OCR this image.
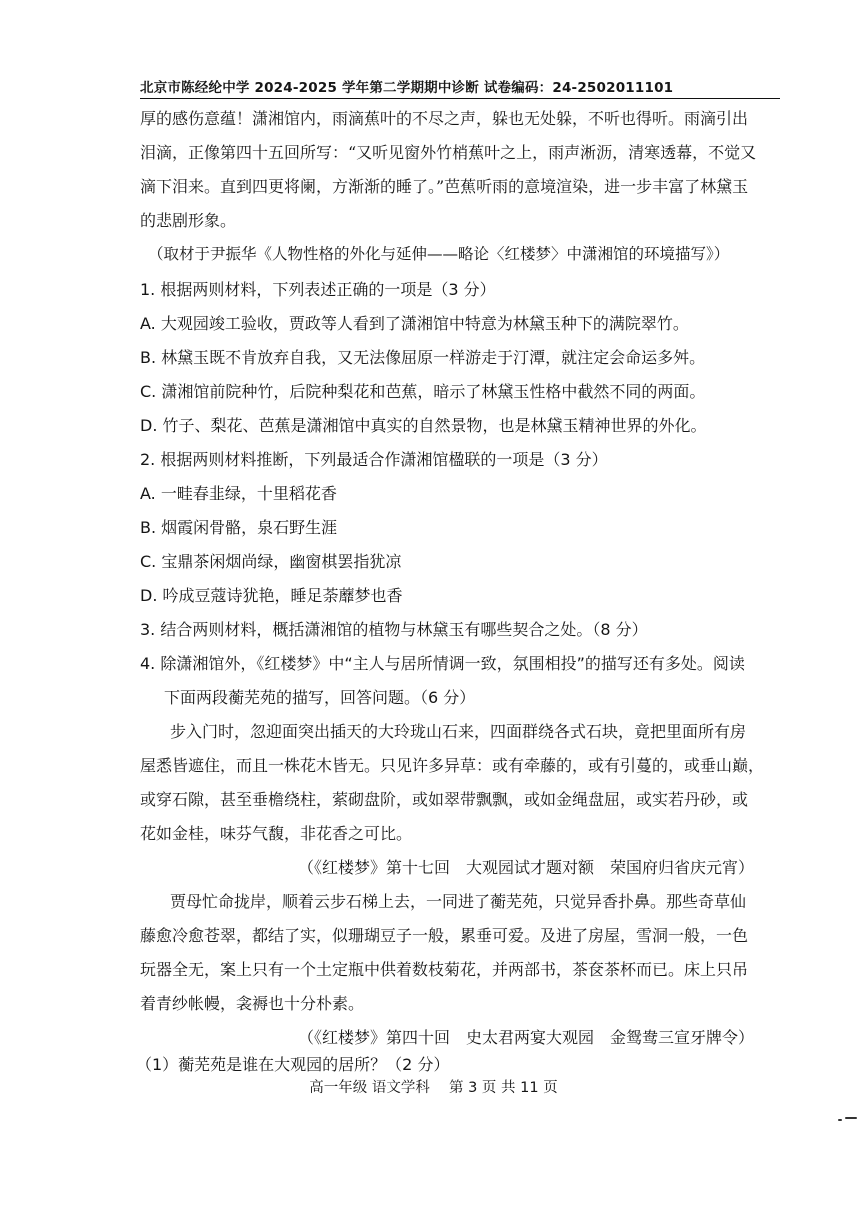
北京市陈经纶中学 2024-2025 学年第二学期期中诊断 试卷编码：24-2502011101
厚的感伤意蕴！潇湘馆内，雨滴蕉叶的不尽之声，躲也无处躲，不听也得听。雨滴引出
泪滴，正像第四十五回所写：“又听见窗外竹梢蕉叶之上，雨声淅沥，清寒透幕，不觉又
滴下泪来。直到四更将阑，方渐渐的睡了。”芭蕉听雨的意境渲染，进一步丰富了林黛玉
的悲剧形象。
（取材于尹振华《人物性格的外化与延伸——略论〈红楼梦〉中潇湘馆的环境描写》）
1. 根据两则材料，下列表述正确的一项是（3 分）
A. 大观园竣工验收，贾政等人看到了潇湘馆中特意为林黛玉种下的满院翠竹。
B. 林黛玉既不肯放弃自我，又无法像屈原一样游走于汀潭，就注定会命运多舛。
C. 潇湘馆前院种竹，后院种梨花和芭蕉，暗示了林黛玉性格中截然不同的两面。
D. 竹子、梨花、芭蕉是潇湘馆中真实的自然景物，也是林黛玉精神世界的外化。
2. 根据两则材料推断，下列最适合作潇湘馆楹联的一项是（3 分）
A. 一畦春韭绿，十里稻花香
B. 烟霞闲骨骼，泉石野生涯
C. 宝鼎茶闲烟尚绿，幽窗棋罢指犹凉
D. 吟成豆蔻诗犹艳，睡足荼蘼梦也香
3. 结合两则材料，概括潇湘馆的植物与林黛玉有哪些契合之处。（8 分）
4. 除潇湘馆外，《红楼梦》中“主人与居所情调一致，氛围相投”的描写还有多处。阅读
下面两段蘅芜苑的描写，回答问题。（6 分）
步入门时，忽迎面突出插天的大玲珑山石来，四面群绕各式石块，竟把里面所有房
屋悉皆遮住，而且一株花木皆无。只见许多异草：或有牵藤的，或有引蔓的，或垂山巅，
或穿石隙，甚至垂檐绕柱，萦砌盘阶，或如翠带飘飘，或如金绳盘屈，或实若丹砂，或
花如金桂，味芬气馥，非花香之可比。
（《红楼梦》第十七回　大观园试才题对额　荣国府归省庆元宵）
贾母忙命拢岸，顺着云步石梯上去，一同进了蘅芜苑，只觉异香扑鼻。那些奇草仙
藤愈冷愈苍翠，都结了实，似珊瑚豆子一般，累垂可爱。及进了房屋，雪洞一般，一色
玩器全无，案上只有一个土定瓶中供着数枝菊花，并两部书，茶奁茶杯而已。床上只吊
着青纱帐幔，衾褥也十分朴素。
（《红楼梦》第四十回　史太君两宴大观园　金鸳鸯三宣牙牌令）
（1）蘅芜苑是谁在大观园的居所？（2 分）
高一年级 语文学科　 第 3 页 共 11 页
